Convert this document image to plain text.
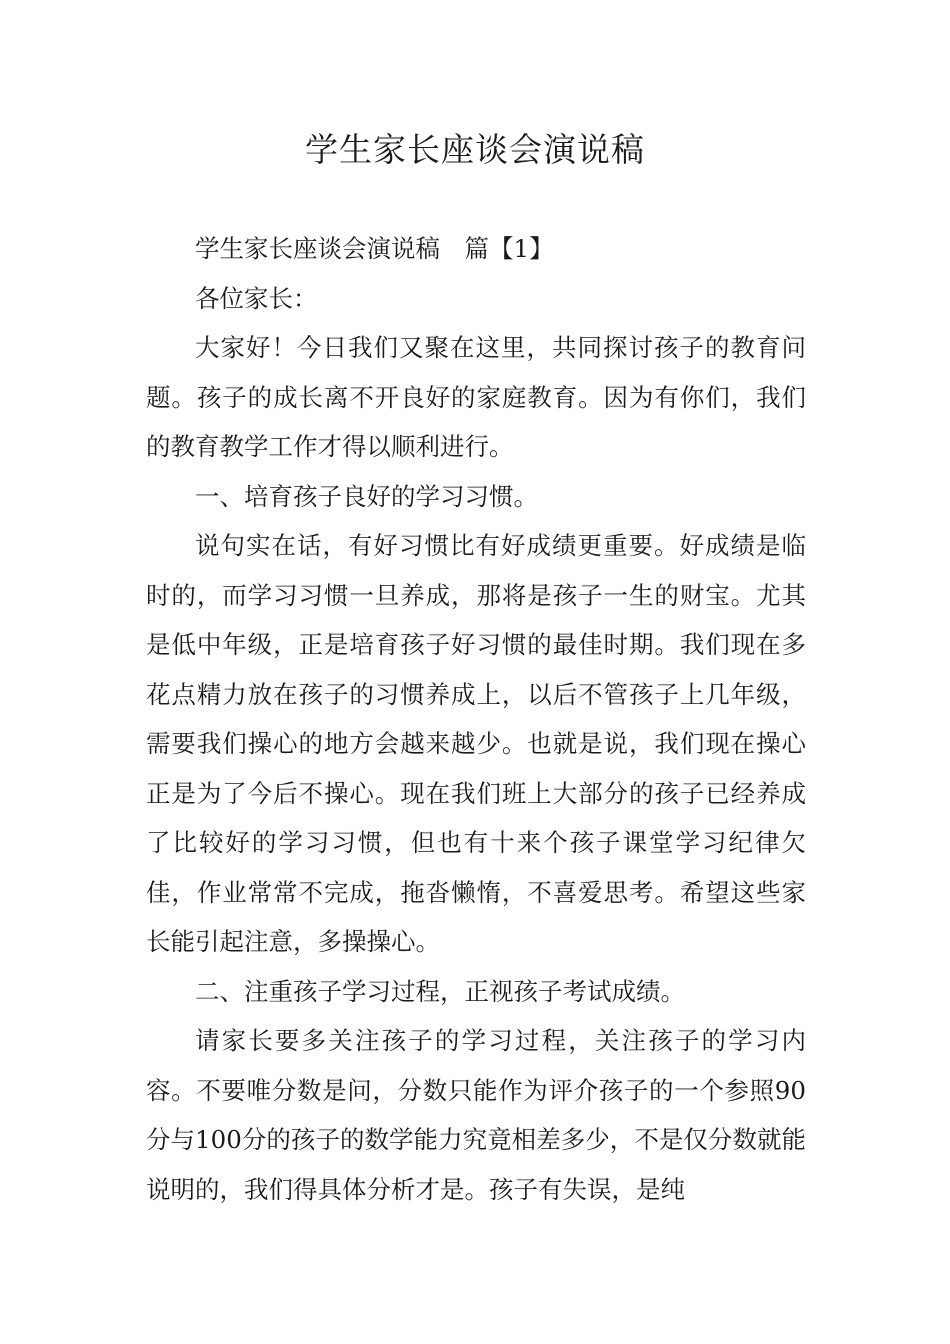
学生家长座谈会演说稿

学生家长座谈会演说稿　篇【1】

各位家长：

大家好！今日我们又聚在这里，共同探讨孩子的教育问题。孩子的成长离不开良好的家庭教育。因为有你们，我们的教育教学工作才得以顺利进行。

一、培育孩子良好的学习习惯。

说句实在话，有好习惯比有好成绩更重要。好成绩是临时的，而学习习惯一旦养成，那将是孩子一生的财宝。尤其是低中年级，正是培育孩子好习惯的最佳时期。我们现在多花点精力放在孩子的习惯养成上，以后不管孩子上几年级，需要我们操心的地方会越来越少。也就是说，我们现在操心正是为了今后不操心。现在我们班上大部分的孩子已经养成了比较好的学习习惯，但也有十来个孩子课堂学习纪律欠佳，作业常常不完成，拖沓懒惰，不喜爱思考。希望这些家长能引起注意，多操操心。

二、注重孩子学习过程，正视孩子考试成绩。

请家长要多关注孩子的学习过程，关注孩子的学习内容。不要唯分数是问，分数只能作为评介孩子的一个参照90分与100分的孩子的数学能力究竟相差多少，不是仅分数就能说明的，我们得具体分析才是。孩子有失误，是纯
